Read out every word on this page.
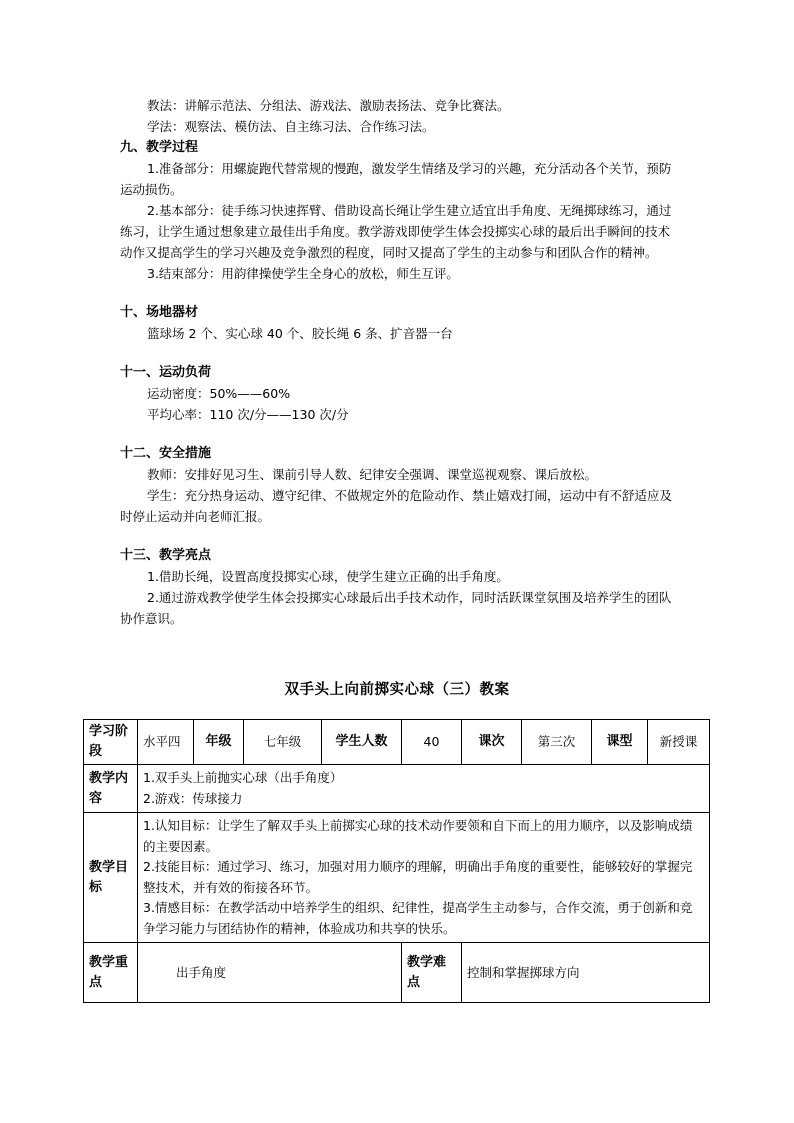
教法：讲解示范法、分组法、游戏法、激励表扬法、竞争比赛法。

学法：观察法、模仿法、自主练习法、合作练习法。

九、教学过程

1.准备部分：用螺旋跑代替常规的慢跑，激发学生情绪及学习的兴趣，充分活动各个关节，预防运动损伤。

2.基本部分：徒手练习快速挥臂、借助设高长绳让学生建立适宜出手角度、无绳掷球练习，通过练习，让学生通过想象建立最佳出手角度。教学游戏即使学生体会投掷实心球的最后出手瞬间的技术动作又提高学生的学习兴趣及竞争激烈的程度，同时又提高了学生的主动参与和团队合作的精神。

3.结束部分：用韵律操使学生全身心的放松，师生互评。

十、场地器材

篮球场 2 个、实心球 40 个、胶长绳 6 条、扩音器一台

十一、运动负荷

运动密度：50%——60%

平均心率：110 次/分——130 次/分

十二、安全措施

教师：安排好见习生、课前引导人数、纪律安全强调、课堂巡视观察、课后放松。

学生：充分热身运动、遵守纪律、不做规定外的危险动作、禁止嬉戏打闹，运动中有不舒适应及时停止运动并向老师汇报。

十三、教学亮点

1.借助长绳，设置高度投掷实心球，使学生建立正确的出手角度。

2.通过游戏教学使学生体会投掷实心球最后出手技术动作，同时活跃课堂氛围及培养学生的团队协作意识。

双手头上向前掷实心球（三）教案
学习阶段	水平四	年级	七年级	学生人数	40	课次	第三次	课型	新授课
教学内容	1.双手头上前抛实心球（出手角度）
2.游戏：传球接力								

教学目标	1.认知目标：让学生了解双手头上前掷实心球的技术动作要领和自下而上的用力顺序，以及影响成绩的主要因素。
2.技能目标：通过学习、练习，加强对用力顺序的理解，明确出手角度的重要性，能够较好的掌握完整技术，并有效的衔接各环节。
3.情感目标：在教学活动中培养学生的组织、纪律性，提高学生主动参与，合作交流，勇于创新和竞争学习能力与团结协作的精神，体验成功和共享的快乐。								

教学重点	出手角度				教学难点	控制和掌握掷球方向			
